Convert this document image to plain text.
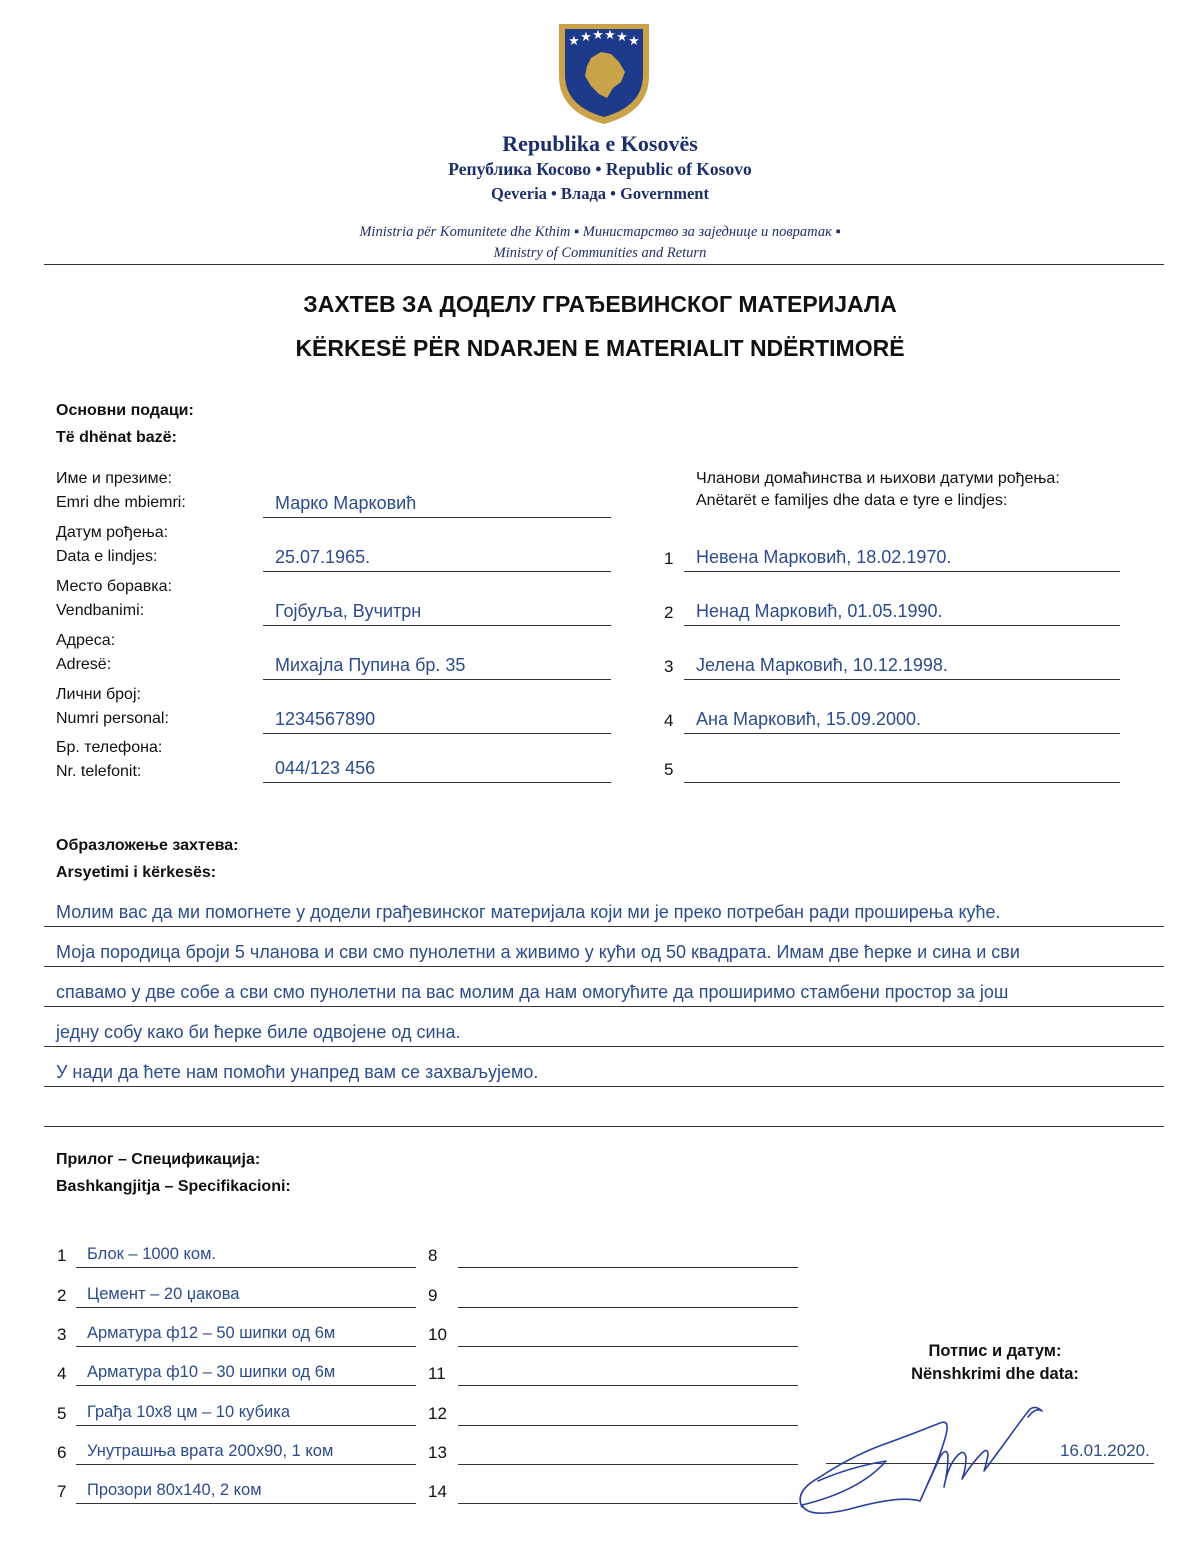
★ ★ ★ ★ ★ ★
Republika e Kosovës
Република Косово • Republic of Kosovo
Qeveria • Влада • Government
Ministria për Komunitete dhe Kthim ▪ Министарство за заједнице и повратак ▪
Ministry of Communities and Return
ЗАХТЕВ ЗА ДОДЕЛУ ГРАЂЕВИНСКОГ МАТЕРИЈАЛА
KËRKESË PËR NDARJEN E MATERIALIT NDËRTIMORË
Основни подаци:
Të dhënat bazë:
Име и презиме:
Emri dhe mbiemri:	Марко Марковић
Датум рођења:
Data e lindjes:	25.07.1965.
Место боравка:
Vendbanimi:	Гојбуља, Вучитрн
Адреса:
Adresë:	Михајла Пупина бр. 35
Лични број:
Numri personal:	1234567890
Бр. телефона:
Nr. telefonit:	044/123 456
Чланови домаћинства и њихови датуми рођења:
Anëtarët e familjes dhe data e tyre e lindjes:
1 Невена Марковић, 18.02.1970.
2 Ненад Марковић, 01.05.1990.
3 Јелена Марковић, 10.12.1998.
4 Ана Марковић, 15.09.2000.
5
Образложење захтева:
Arsyetimi i kërkesës:
Молим вас да ми помогнете у додели грађевинског материјала који ми је преко потребан ради проширења куће.
Моја породица броји 5 чланова и сви смо пунолетни а живимо у кући од 50 квадрата. Имам две ћерке и сина и сви
спавамо у две собе а сви смо пунолетни па вас молим да нам омогућите да проширимо стамбени простор за још
једну собу како би ћерке биле одвојене од сина.
У нади да ћете нам помоћи унапред вам се захваљујемо.
Прилог – Спецификација:
Bashkangjitja – Specifikacioni:
1 Блок – 1000 ком.
2 Цемент – 20 џакова
3 Арматура ф12 – 50 шипки од 6м
4 Арматура ф10 – 30 шипки од 6м
5 Грађа 10х8 цм – 10 кубика
6 Унутрашња врата 200х90, 1 ком
7 Прозори 80х140, 2 ком
8
9
10
11
12
13
14
Потпис и датум:
Nënshkrimi dhe data:
16.01.2020.
